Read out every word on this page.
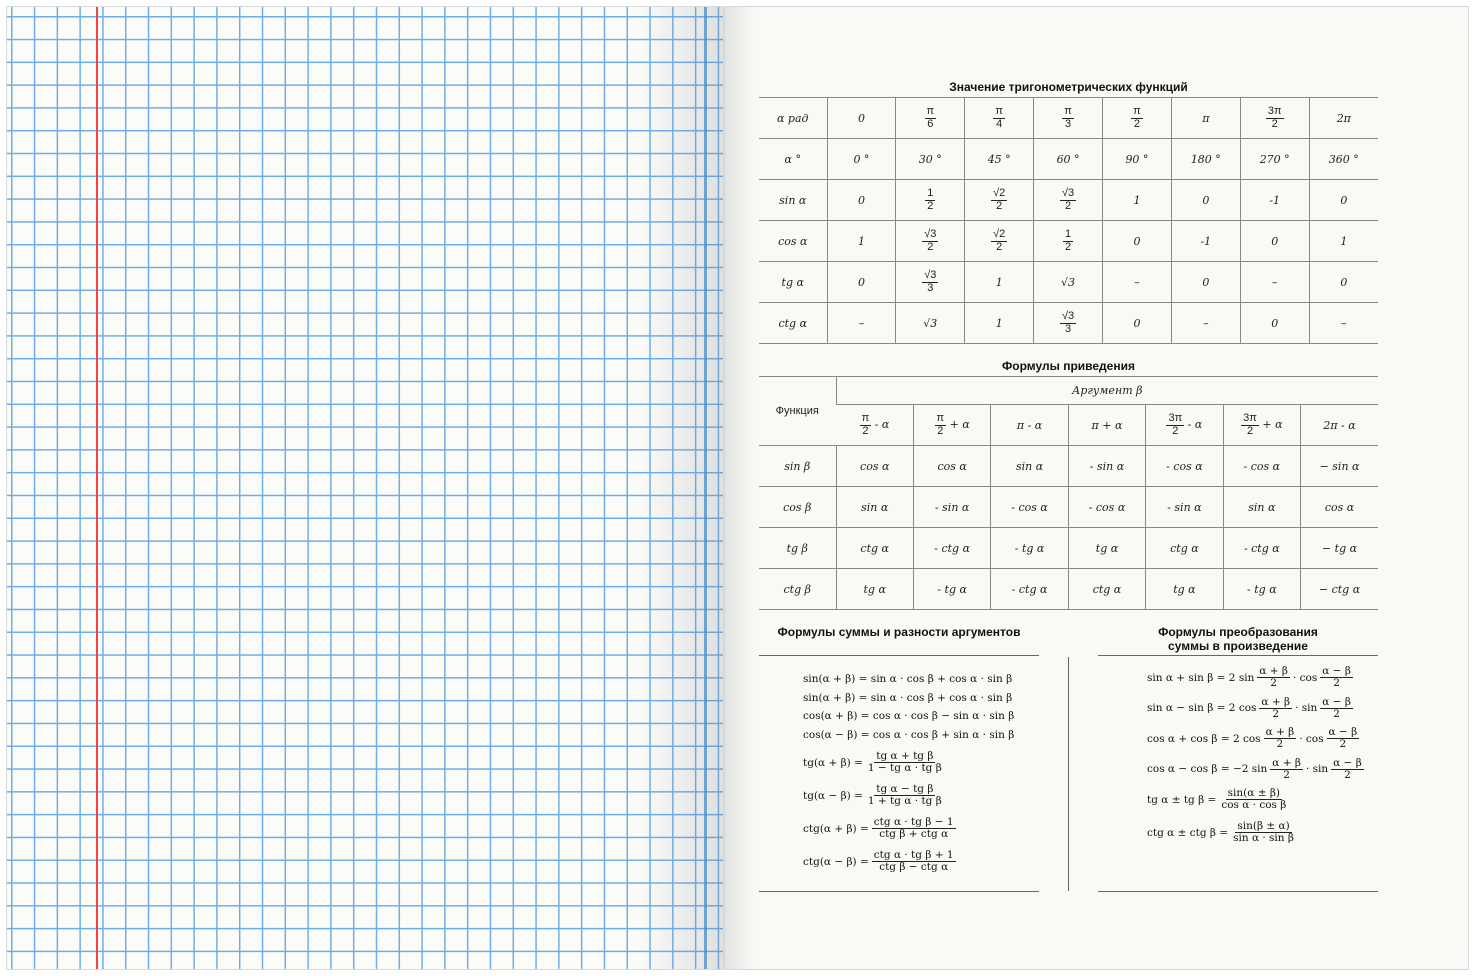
Значение тригонометрических функций
α рад	0	$\frac{\pi}{6}$	$\frac{\pi}{4}$	$\frac{\pi}{3}$	$\frac{\pi}{2}$	π	$\frac{3\pi}{2}$	2π
α °	0 °	30 °	45 °	60 °	90 °	180 °	270 °	360 °
sin α	0	$\frac{1}{2}$	$\frac{√2}{2}$	$\frac{√3}{2}$	1	0	-1	0
cos α	1	$\frac{√3}{2}$	$\frac{√2}{2}$	$\frac{1}{2}$	0	-1	0	1
tg α	0	$\frac{√3}{3}$	1	√3	–	0	–	0
ctg α	–	√3	1	$\frac{√3}{3}$	0	–	0	–
Формулы приведения
Функция	Аргумент β						

	$\frac{\pi}{2}$ - α	$\frac{\pi}{2} + \alpha$	π - α	π + α	$\frac{3\pi}{2}$ - α	$\frac{3\pi}{2} + \alpha$	2π - α
sin β	cos α	cos α	sin α	- sin α	- cos α	- cos α	− sin α
cos β	sin α	- sin α	- cos α	- cos α	- sin α	sin α	cos α
tg β	ctg α	- ctg α	- tg α	tg α	ctg α	- ctg α	− tg α
ctg β	tg α	- tg α	- ctg α	ctg α	tg α	- tg α	− ctg α
Формулы суммы и разности аргументов
sin(α + β) = sin α · cos β + cos α · sin β
sin(α + β) = sin α · cos β + cos α · sin β
cos(α + β) = cos α · cos β − sin α · sin β
cos(α − β) = cos α · cos β + sin α · sin β
$tg(\alpha + \beta) = \frac{\text{tg α + tg β}}{\text{1 − tg α · tg β}}$
$tg(\alpha - \beta) = \frac{\text{tg α − tg β}}{\text{1 + tg α · tg β}}$
$ctg(\alpha + \beta) = \frac{\text{ctg α · tg β − 1}}{\text{ctg β + ctg α}}$
$ctg(\alpha - \beta) = \frac{\text{ctg α · tg β + 1}}{\text{ctg β − ctg α}}$
Формулы преобразования
суммы в произведение
sin α + sin β = 2 $\sin \frac{\alpha + \beta}{2} \cdot \cos \frac{\alpha - \beta}{2}$
sin α − sin β = 2 $\cos \frac{\alpha + \beta}{2} \cdot \sin \frac{\alpha - \beta}{2}$
cos α + cos β = 2 $\cos \frac{\alpha + \beta}{2} \cdot \cos \frac{\alpha - \beta}{2}$
cos α − cos β = −2 $\sin \frac{\alpha + \beta}{2} \cdot \sin \frac{\alpha - \beta}{2}$
tg α ± tg $\beta = \frac{\sin(\alpha \pm \beta)}{\text{cos α · cos β}}$
ctg α ± ctg $\beta = \frac{\sin(\beta \pm \alpha)}{\text{sin α · sin β}}$
